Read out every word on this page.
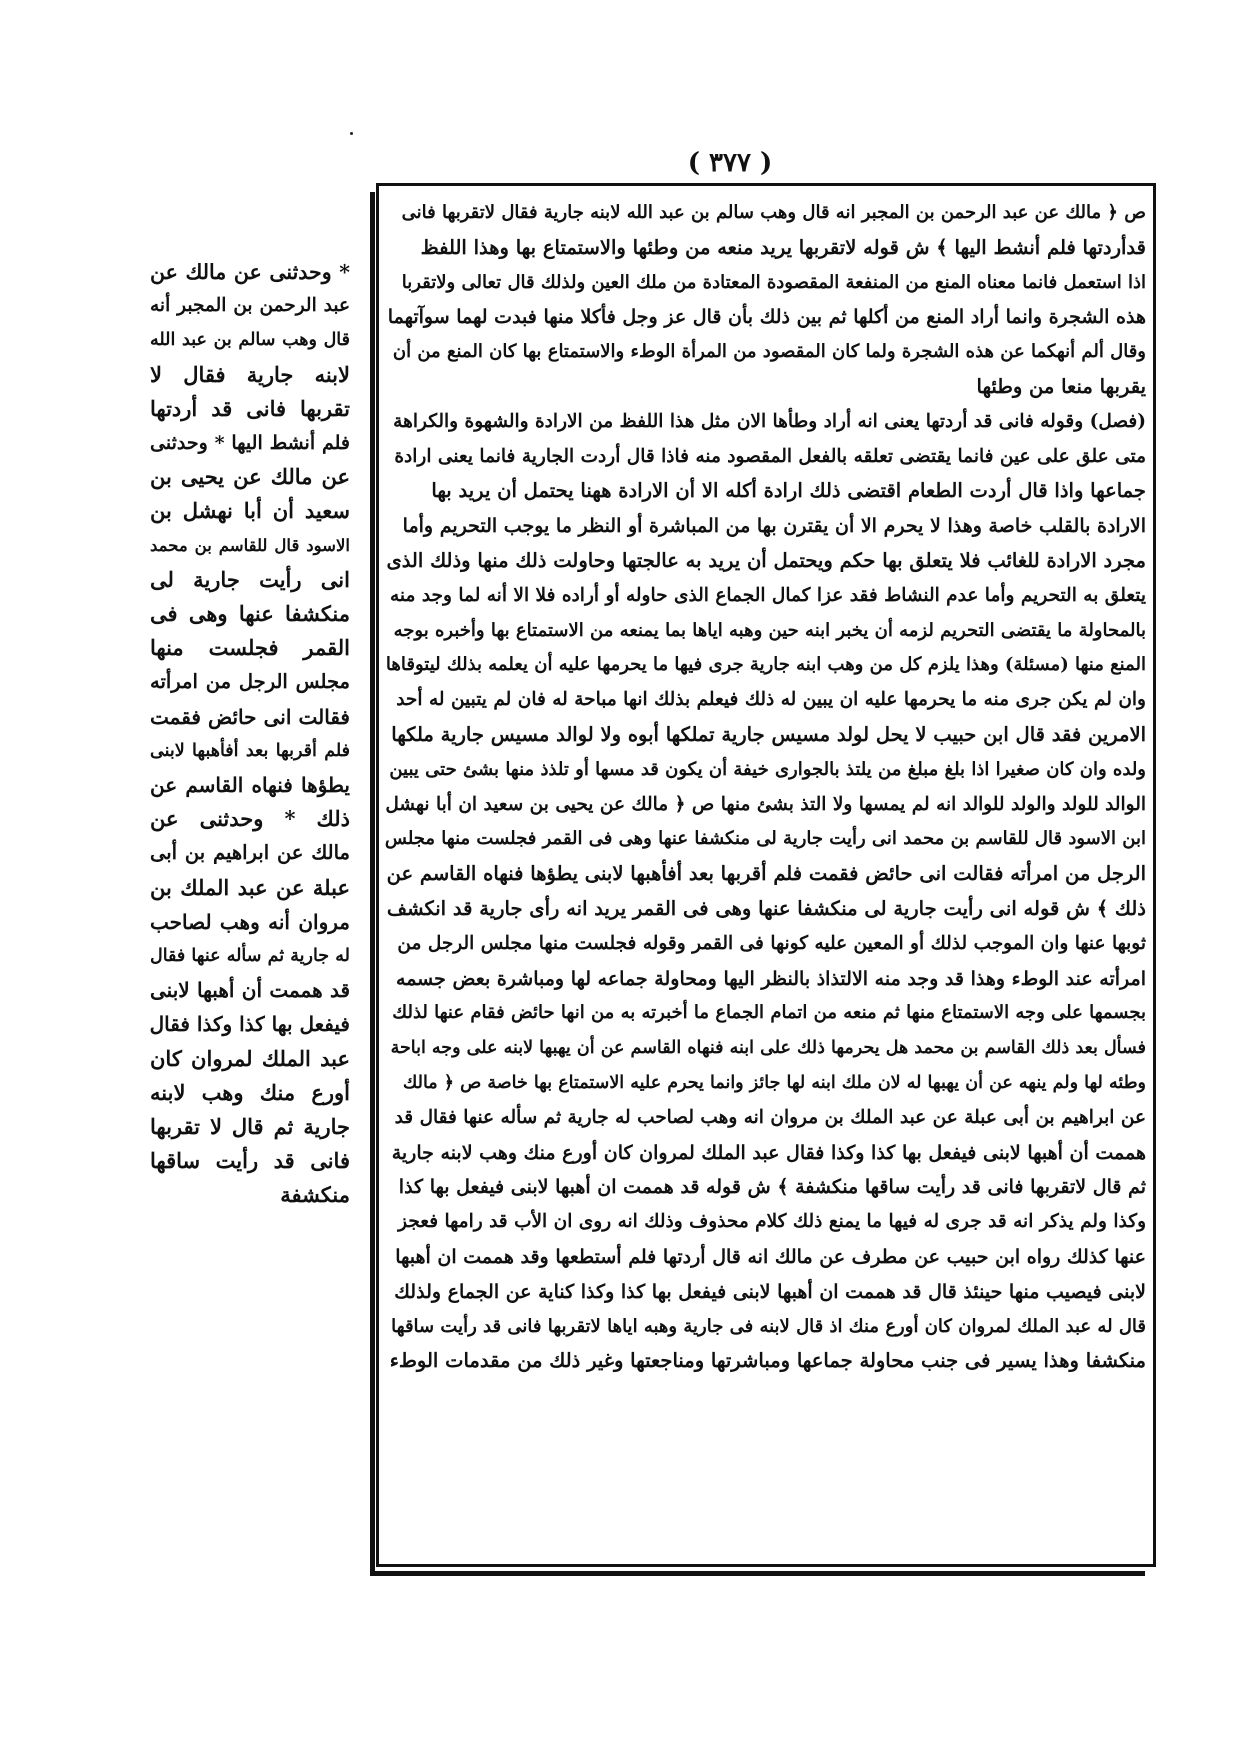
( ٣٧٧ )
ص ﴿ مالك عن عبد الرحمن بن المجبر انه قال وهب سالم بن عبد الله لابنه جارية فقال لاتقربها فانى
قدأردتها فلم أنشط اليها ﴾ ش قوله لاتقربها يريد منعه من وطئها والاستمتاع بها وهذا اللفظ
اذا استعمل فانما معناه المنع من المنفعة المقصودة المعتادة من ملك العين ولذلك قال تعالى ولاتقربا
هذه الشجرة وانما أراد المنع من أكلها ثم بين ذلك بأن قال عز وجل فأكلا منها فبدت لهما سوآتهما
وقال ألم أنهكما عن هذه الشجرة ولما كان المقصود من المرأة الوطء والاستمتاع بها كان المنع من أن
يقربها منعا من وطئها
(فصل) وقوله فانى قد أردتها يعنى انه أراد وطأها الان مثل هذا اللفظ من الارادة والشهوة والكراهة
متى علق على عين فانما يقتضى تعلقه بالفعل المقصود منه فاذا قال أردت الجارية فانما يعنى ارادة
جماعها واذا قال أردت الطعام اقتضى ذلك ارادة أكله الا أن الارادة ههنا يحتمل أن يريد بها
الارادة بالقلب خاصة وهذا لا يحرم الا أن يقترن بها من المباشرة أو النظر ما يوجب التحريم وأما
مجرد الارادة للغائب فلا يتعلق بها حكم ويحتمل أن يريد به عالجتها وحاولت ذلك منها وذلك الذى
يتعلق به التحريم وأما عدم النشاط فقد عزا كمال الجماع الذى حاوله أو أراده فلا الا أنه لما وجد منه
بالمحاولة ما يقتضى التحريم لزمه أن يخبر ابنه حين وهبه اياها بما يمنعه من الاستمتاع بها وأخبره بوجه
المنع منها (مسئلة) وهذا يلزم كل من وهب ابنه جارية جرى فيها ما يحرمها عليه أن يعلمه بذلك ليتوقاها
وان لم يكن جرى منه ما يحرمها عليه ان يبين له ذلك فيعلم بذلك انها مباحة له فان لم يتبين له أحد
الامرين فقد قال ابن حبيب لا يحل لولد مسيس جارية تملكها أبوه ولا لوالد مسيس جارية ملكها
ولده وان كان صغيرا اذا بلغ مبلغ من يلتذ بالجوارى خيفة أن يكون قد مسها أو تلذذ منها بشئ حتى يبين
الوالد للولد والولد للوالد انه لم يمسها ولا التذ بشئ منها ص ﴿ مالك عن يحيى بن سعيد ان أبا نهشل
ابن الاسود قال للقاسم بن محمد انى رأيت جارية لى منكشفا عنها وهى فى القمر فجلست منها مجلس
الرجل من امرأته فقالت انى حائض فقمت فلم أقربها بعد أفأهبها لابنى يطؤها فنهاه القاسم عن
ذلك ﴾ ش قوله انى رأيت جارية لى منكشفا عنها وهى فى القمر يريد انه رأى جارية قد انكشف
ثوبها عنها وان الموجب لذلك أو المعين عليه كونها فى القمر وقوله فجلست منها مجلس الرجل من
امرأته عند الوطء وهذا قد وجد منه الالتذاذ بالنظر اليها ومحاولة جماعه لها ومباشرة بعض جسمه
بجسمها على وجه الاستمتاع منها ثم منعه من اتمام الجماع ما أخبرته به من انها حائض فقام عنها لذلك
فسأل بعد ذلك القاسم بن محمد هل يحرمها ذلك على ابنه فنهاه القاسم عن أن يهبها لابنه على وجه اباحة
وطئه لها ولم ينهه عن أن يهبها له لان ملك ابنه لها جائز وانما يحرم عليه الاستمتاع بها خاصة ص ﴿ مالك
عن ابراهيم بن أبى عبلة عن عبد الملك بن مروان انه وهب لصاحب له جارية ثم سأله عنها فقال قد
هممت أن أهبها لابنى فيفعل بها كذا وكذا فقال عبد الملك لمروان كان أورع منك وهب لابنه جارية
ثم قال لاتقربها فانى قد رأيت ساقها منكشفة ﴾ ش قوله قد هممت ان أهبها لابنى فيفعل بها كذا
وكذا ولم يذكر انه قد جرى له فيها ما يمنع ذلك كلام محذوف وذلك انه روى ان الأب قد رامها فعجز
عنها كذلك رواه ابن حبيب عن مطرف عن مالك انه قال أردتها فلم أستطعها وقد هممت ان أهبها
لابنى فيصيب منها حينئذ قال قد هممت ان أهبها لابنى فيفعل بها كذا وكذا كناية عن الجماع ولذلك
قال له عبد الملك لمروان كان أورع منك اذ قال لابنه فى جارية وهبه اياها لاتقربها فانى قد رأيت ساقها
منكشفا وهذا يسير فى جنب محاولة جماعها ومباشرتها ومناجعتها وغير ذلك من مقدمات الوطء
* وحدثنى عن مالك عن
عبد الرحمن بن المجبر أنه
قال وهب سالم بن عبد الله
لابنه جارية فقال لا
تقربها فانى قد أردتها
فلم أنشط اليها * وحدثنى
عن مالك عن يحيى بن
سعيد أن أبا نهشل بن
الاسود قال للقاسم بن محمد
انى رأيت جارية لى
منكشفا عنها وهى فى
القمر فجلست منها
مجلس الرجل من امرأته
فقالت انى حائض فقمت
فلم أقربها بعد أفأهبها لابنى
يطؤها فنهاه القاسم عن
ذلك * وحدثنى عن
مالك عن ابراهيم بن أبى
عبلة عن عبد الملك بن
مروان أنه وهب لصاحب
له جارية ثم سأله عنها فقال
قد هممت أن أهبها لابنى
فيفعل بها كذا وكذا فقال
عبد الملك لمروان كان
أورع منك وهب لابنه
جارية ثم قال لا تقربها
فانى قد رأيت ساقها
منكشفة
